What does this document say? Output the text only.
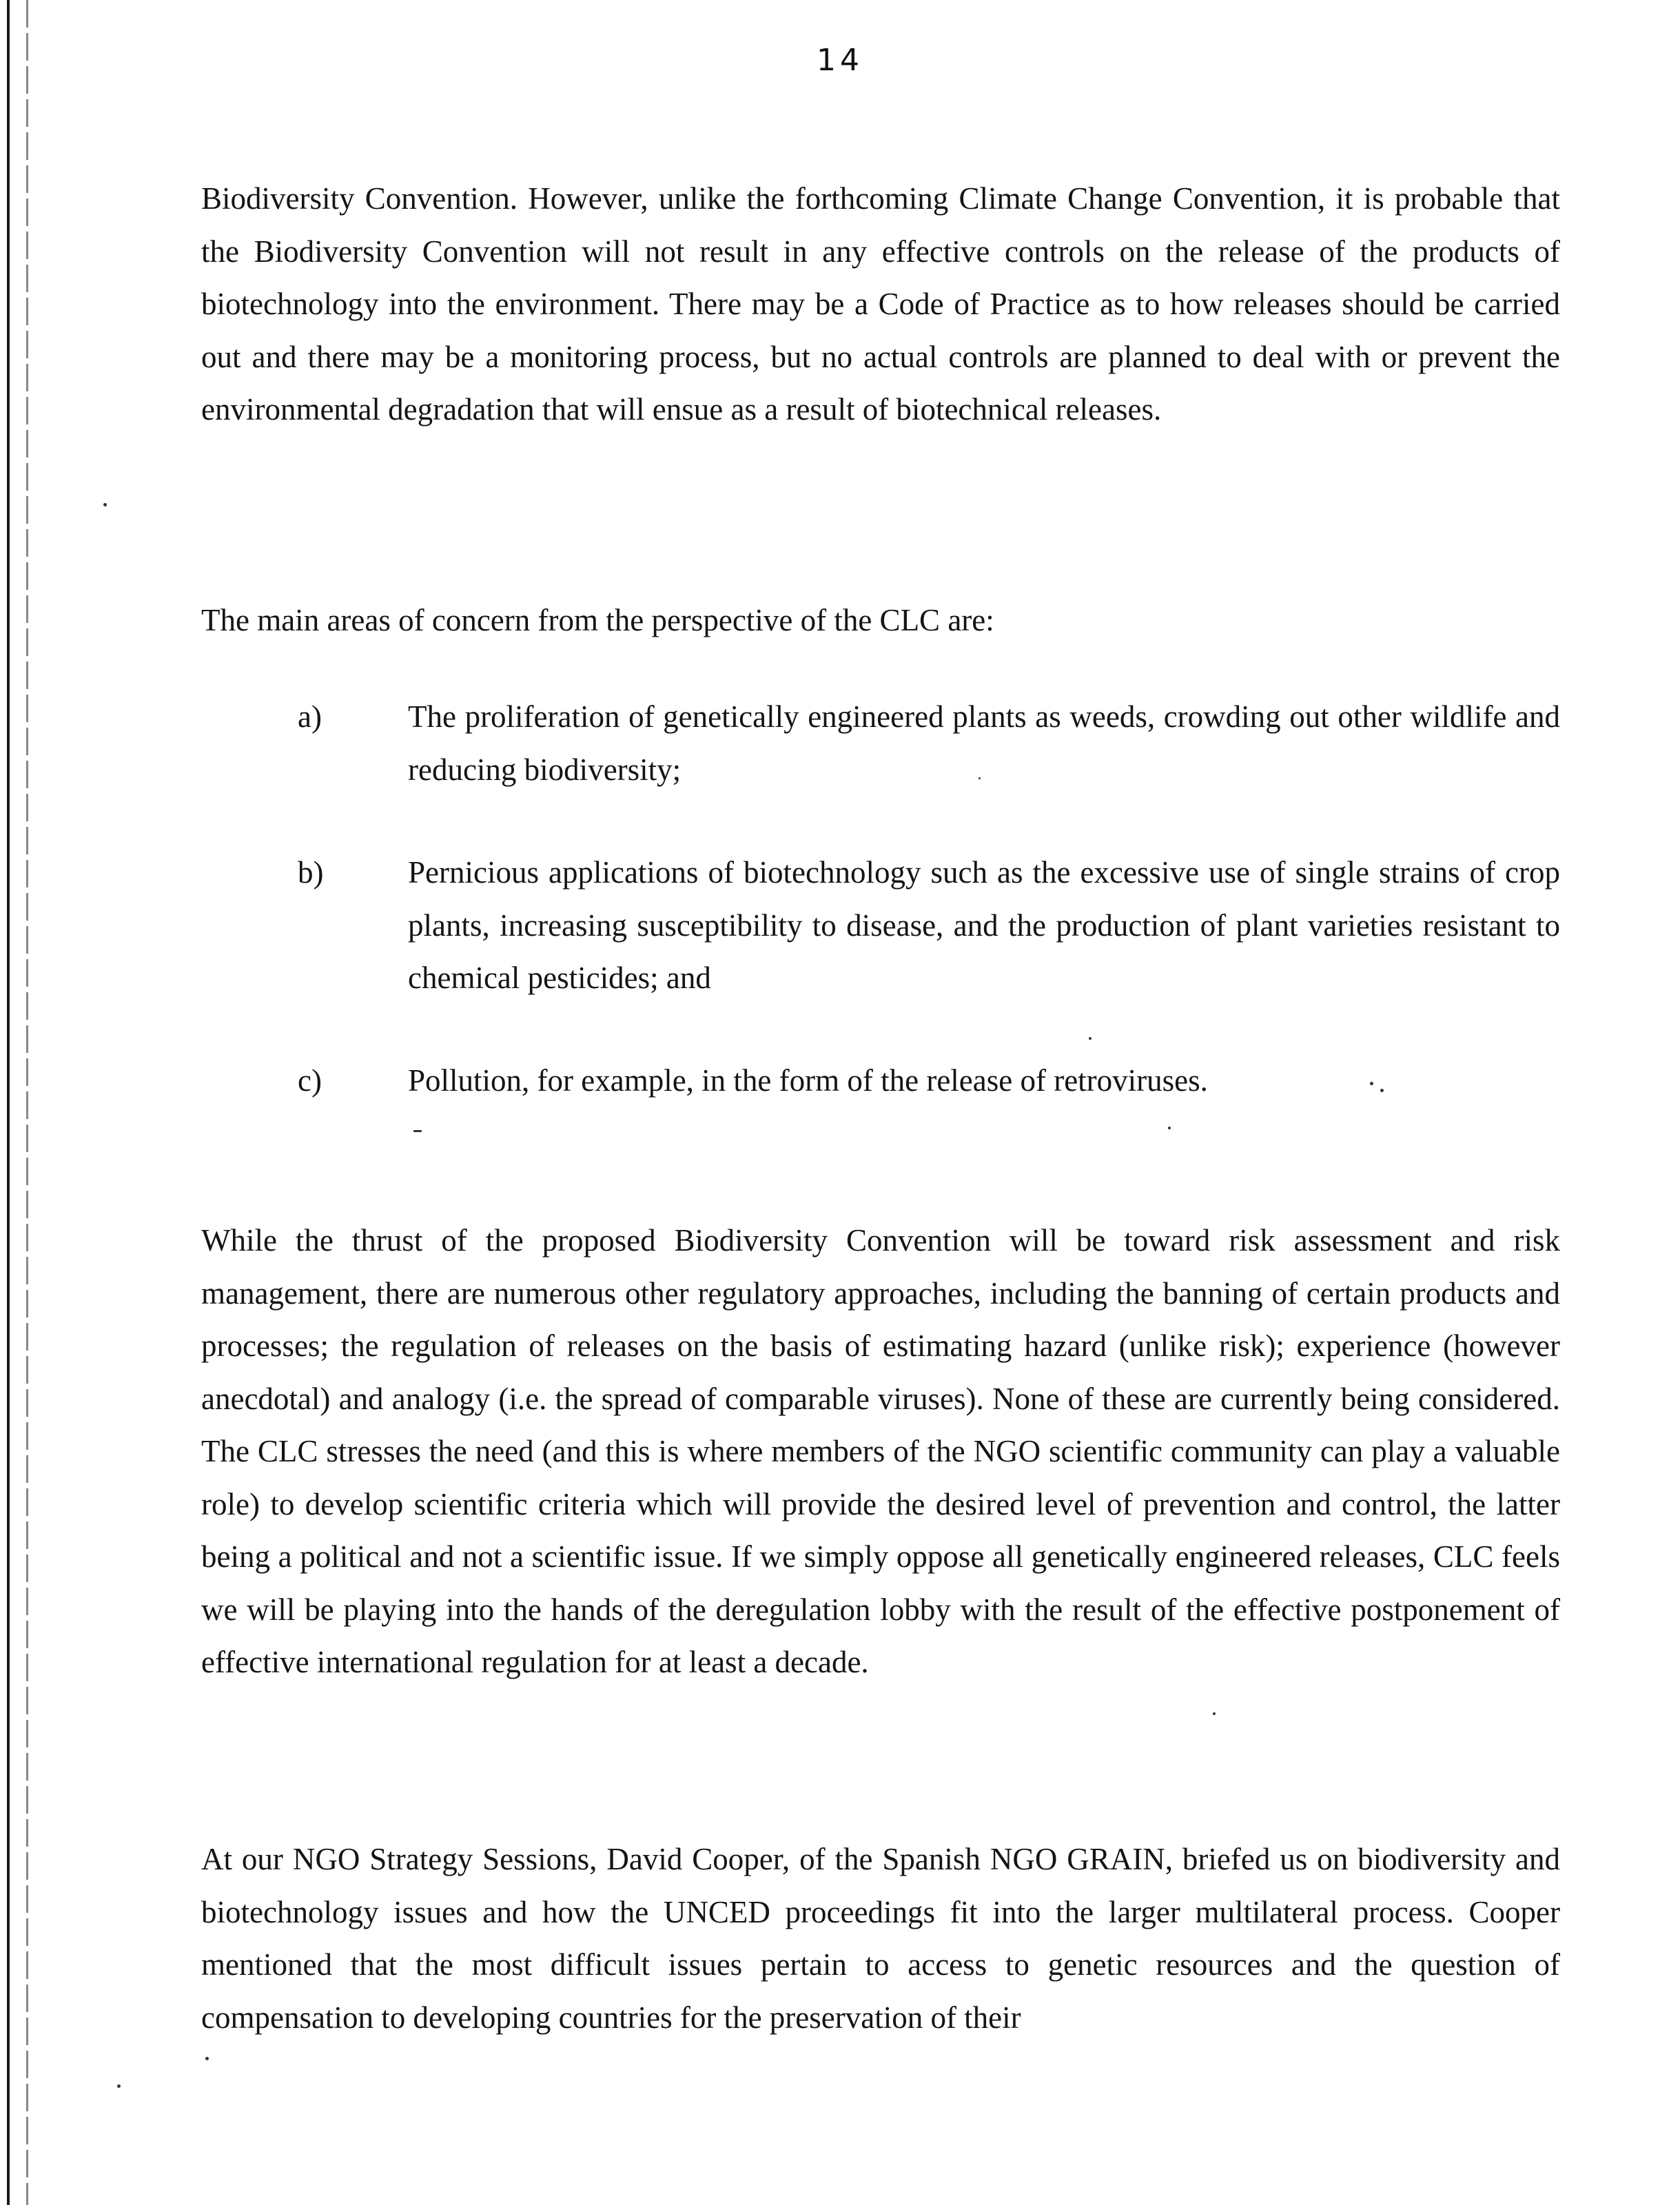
14

Biodiversity Convention. However, unlike the forthcoming Climate Change Convention, it is probable that the Biodiversity Convention will not result in any effective controls on the release of the products of biotechnology into the environment. There may be a Code of Practice as to how releases should be carried out and there may be a monitoring process, but no actual controls are planned to deal with or prevent the environmental degradation that will ensue as a result of biotechnical releases.

The main areas of concern from the perspective of the CLC are:

a)	The proliferation of genetically engineered plants as weeds, crowding out other wildlife and reducing biodiversity;
b)	Pernicious applications of biotechnology such as the excessive use of single strains of crop plants, increasing susceptibility to disease, and the production of plant varieties resistant to chemical pesticides; and
c)	Pollution, for example, in the form of the release of retroviruses.

While the thrust of the proposed Biodiversity Convention will be toward risk assessment and risk management, there are numerous other regulatory approaches, including the banning of certain products and processes; the regulation of releases on the basis of estimating hazard (unlike risk); experience (however anecdotal) and analogy (i.e. the spread of comparable viruses). None of these are currently being considered. The CLC stresses the need (and this is where members of the NGO scientific community can play a valuable role) to develop scientific criteria which will provide the desired level of prevention and control, the latter being a political and not a scientific issue. If we simply oppose all genetically engineered releases, CLC feels we will be playing into the hands of the deregulation lobby with the result of the effective postponement of effective international regulation for at least a decade.

At our NGO Strategy Sessions, David Cooper, of the Spanish NGO GRAIN, briefed us on biodiversity and biotechnology issues and how the UNCED proceedings fit into the larger multilateral process. Cooper mentioned that the most difficult issues pertain to access to genetic resources and the question of compensation to developing countries for the preservation of their
